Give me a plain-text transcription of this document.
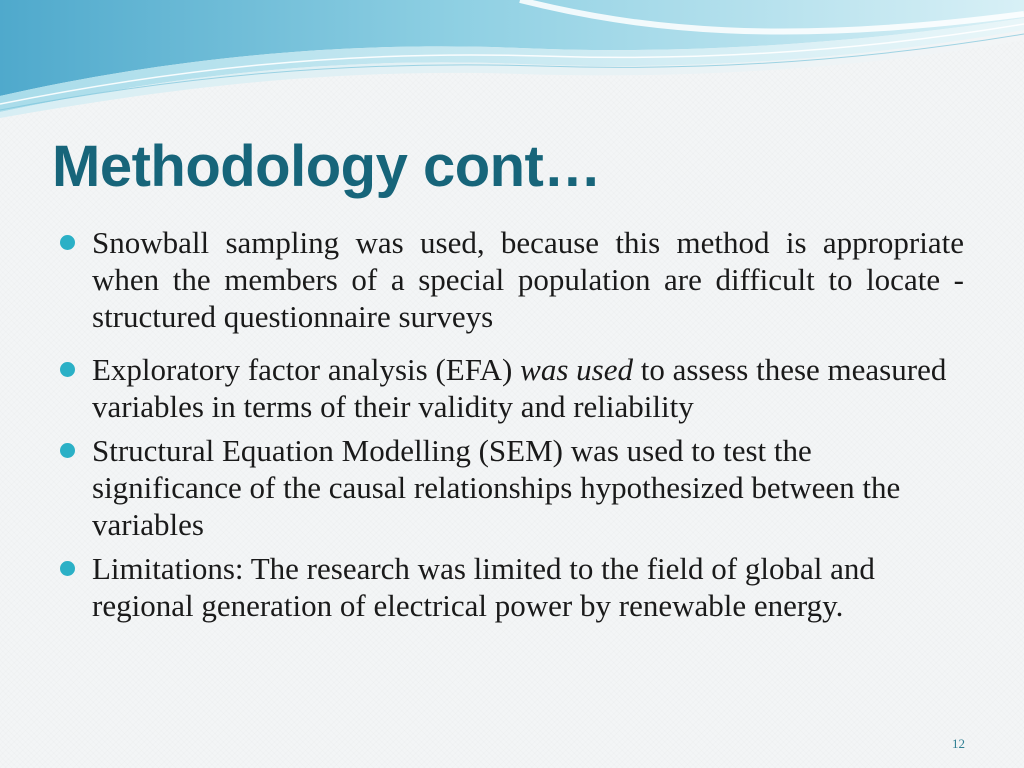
Methodology cont…
Snowball sampling was used, because this method is appropriate when the members of a special population are difficult to locate - structured questionnaire surveys
Exploratory factor analysis (EFA) was used to assess these measured variables in terms of their validity and reliability
Structural Equation Modelling (SEM) was used to test the significance of the causal relationships hypothesized between the variables
Limitations: The research was limited to the field of global and regional generation of electrical power by renewable energy.
12
